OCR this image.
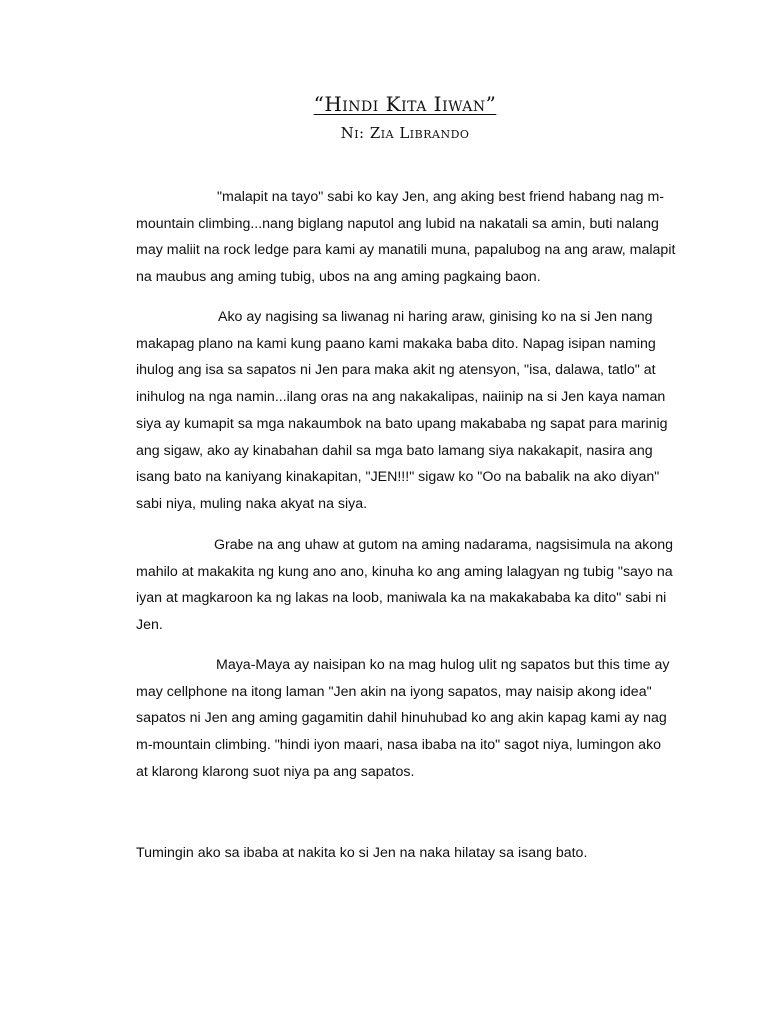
“Hindi Kita Iiwan”
Ni: Zia Librando

"malapit na tayo" sabi ko kay Jen, ang aking best friend habang nag m-mountain climbing...nang biglang naputol ang lubid na nakatali sa amin, buti nalang may maliit na rock ledge para kami ay manatili muna, papalubog na ang araw, malapit na maubus ang aming tubig, ubos na ang aming pagkaing baon.

Ako ay nagising sa liwanag ni haring araw, ginising ko na si Jen nang makapag plano na kami kung paano kami makaka baba dito. Napag isipan naming ihulog ang isa sa sapatos ni Jen para maka akit ng atensyon, "isa, dalawa, tatlo" at inihulog na nga namin...ilang oras na ang nakakalipas, naiinip na si Jen kaya naman siya ay kumapit sa mga nakaumbok na bato upang makababa ng sapat para marinig ang sigaw, ako ay kinabahan dahil sa mga bato lamang siya nakakapit, nasira ang isang bato na kaniyang kinakapitan, "JEN!!!" sigaw ko "Oo na babalik na ako diyan" sabi niya, muling naka akyat na siya.

Grabe na ang uhaw at gutom na aming nadarama, nagsisimula na akong mahilo at makakita ng kung ano ano, kinuha ko ang aming lalagyan ng tubig "sayo na iyan at magkaroon ka ng lakas na loob, maniwala ka na makakababa ka dito" sabi ni Jen.

Maya-Maya ay naisipan ko na mag hulog ulit ng sapatos but this time ay may cellphone na itong laman "Jen akin na iyong sapatos, may naisip akong idea" sapatos ni Jen ang aming gagamitin dahil hinuhubad ko ang akin kapag kami ay nag m-mountain climbing. "hindi iyon maari, nasa ibaba na ito" sagot niya, lumingon ako at klarong klarong suot niya pa ang sapatos.

Tumingin ako sa ibaba at nakita ko si Jen na naka hilatay sa isang bato.
